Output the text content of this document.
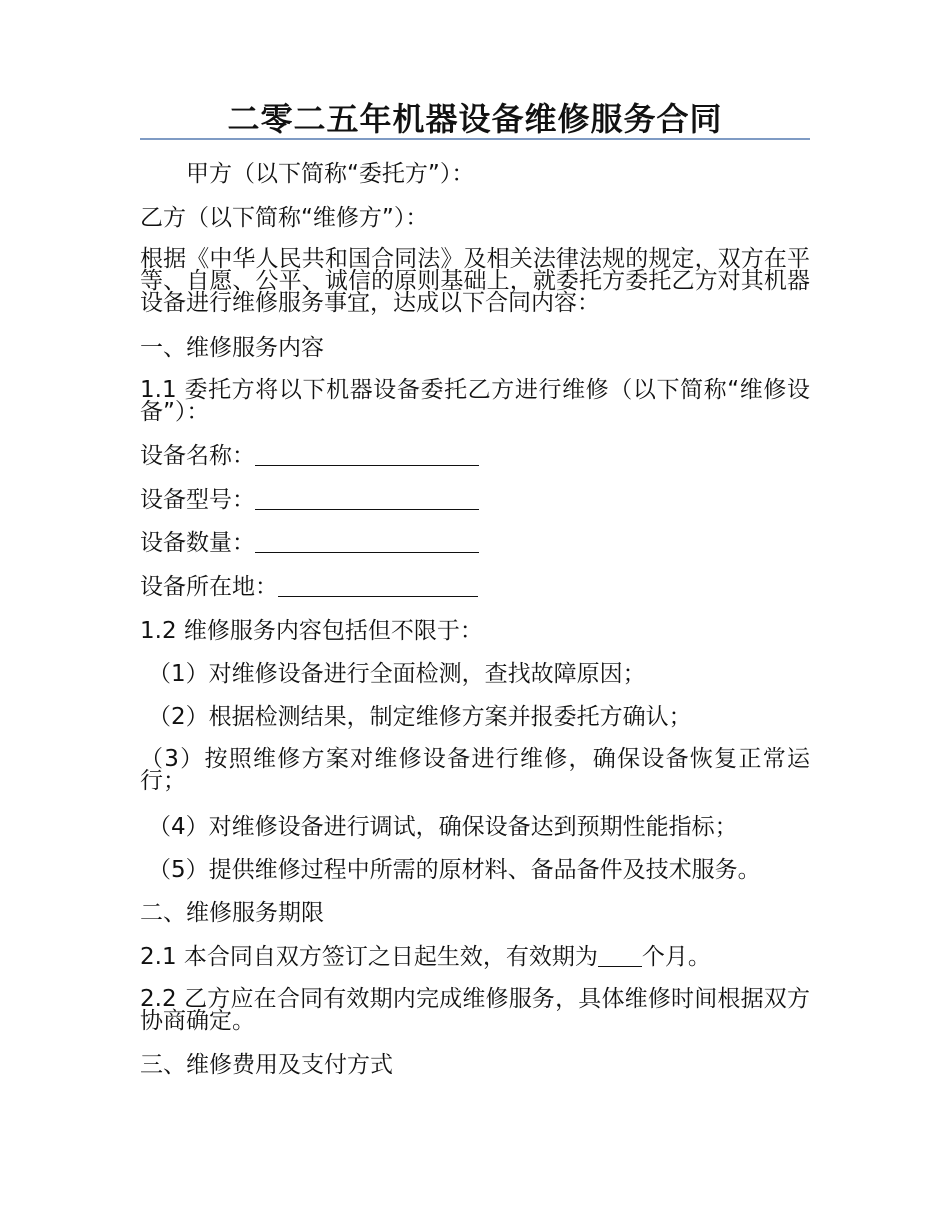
二零二五年机器设备维修服务合同

甲方（以下简称“委托方”）：

乙方（以下简称“维修方”）：

根据《中华人民共和国合同法》及相关法律法规的规定，双方在平等、自愿、公平、诚信的原则基础上，就委托方委托乙方对其机器设备进行维修服务事宜，达成以下合同内容：

一、维修服务内容

1.1 委托方将以下机器设备委托乙方进行维修（以下简称“维修设备”）：

设备名称：
设备型号：
设备数量：
设备所在地：

1.2 维修服务内容包括但不限于：

（1）对维修设备进行全面检测，查找故障原因；

（2）根据检测结果，制定维修方案并报委托方确认；

（3）按照维修方案对维修设备进行维修，确保设备恢复正常运行；

（4）对维修设备进行调试，确保设备达到预期性能指标；

（5）提供维修过程中所需的原材料、备品备件及技术服务。

二、维修服务期限

2.1 本合同自双方签订之日起生效，有效期为 个月。

2.2 乙方应在合同有效期内完成维修服务，具体维修时间根据双方协商确定。

三、维修费用及支付方式
